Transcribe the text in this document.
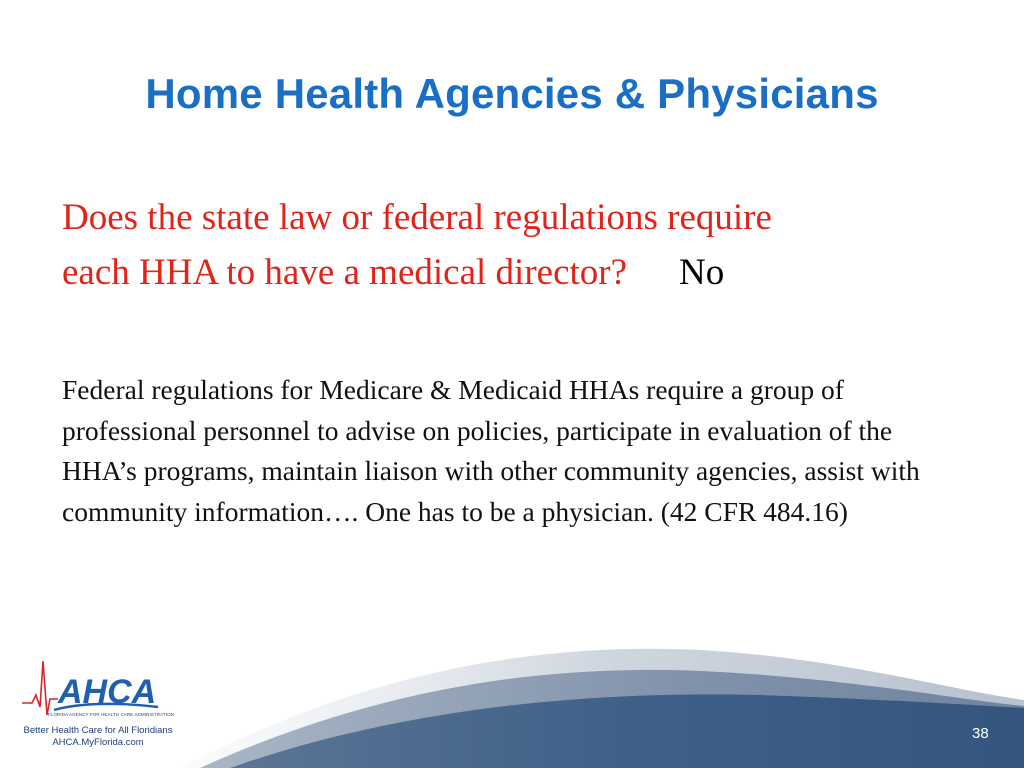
Home Health Agencies & Physicians
Does the state law or federal regulations require
each HHA to have a medical director? No
Federal regulations for Medicare & Medicaid HHAs require a group of professional personnel to advise on policies, participate in evaluation of the HHA’s programs, maintain liaison with other community agencies, assist with community information…. One has to be a physician. (42 CFR 484.16)
AHCA
FLORIDA AGENCY FOR HEALTH CARE ADMINISTRATION
Better Health Care for All Floridians
AHCA.MyFlorida.com
38
